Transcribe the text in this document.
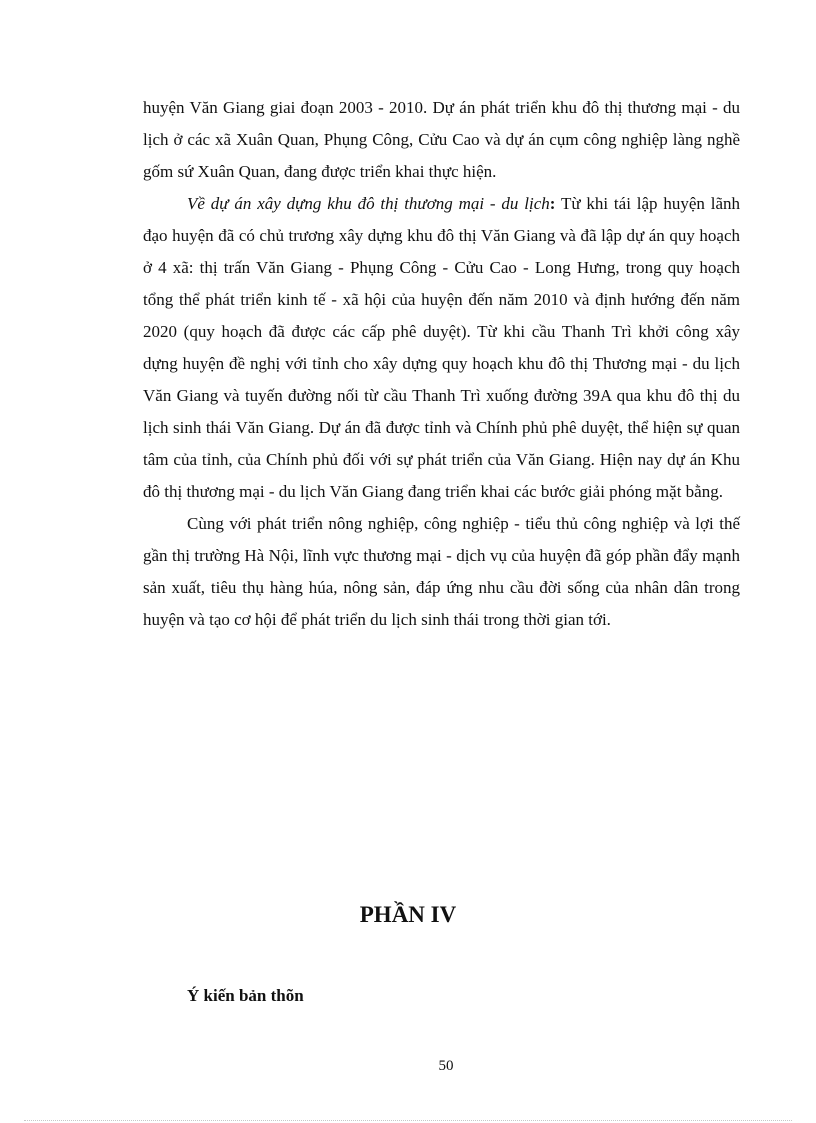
huyện Văn Giang giai đoạn 2003 - 2010. Dự án phát triển khu đô thị thương mại - du lịch ở các xã Xuân Quan, Phụng Công, Cửu Cao và dự án cụm công nghiệp làng nghề gốm sứ Xuân Quan, đang được triển khai thực hiện.

Về dự án xây dựng khu đô thị thương mại - du lịch: Từ khi tái lập huyện lãnh đạo huyện đã có chủ trương xây dựng khu đô thị Văn Giang và đã lập dự án quy hoạch ở 4 xã: thị trấn Văn Giang - Phụng Công - Cửu Cao - Long Hưng, trong quy hoạch tổng thể phát triển kinh tế - xã hội của huyện đến năm 2010 và định hướng đến năm 2020 (quy hoạch đã được các cấp phê duyệt). Từ khi cầu Thanh Trì khởi công xây dựng huyện đề nghị với tỉnh cho xây dựng quy hoạch khu đô thị Thương mại - du lịch Văn Giang và tuyến đường nối từ cầu Thanh Trì xuống đường 39A qua khu đô thị du lịch sinh thái Văn Giang. Dự án đã được tỉnh và Chính phủ phê duyệt, thể hiện sự quan tâm của tỉnh, của Chính phủ đối với sự phát triển của Văn Giang. Hiện nay dự án Khu đô thị thương mại - du lịch Văn Giang đang triển khai các bước giải phóng mặt bằng.

Cùng với phát triển nông nghiệp, công nghiệp - tiểu thủ công nghiệp và lợi thế gần thị trường Hà Nội, lĩnh vực thương mại - dịch vụ của huyện đã góp phần đẩy mạnh sản xuất, tiêu thụ hàng húa, nông sản, đáp ứng nhu cầu đời sống của nhân dân trong huyện và tạo cơ hội để phát triển du lịch sinh thái trong thời gian tới.

PHẦN IV
Ý kiến bản thõn
50
